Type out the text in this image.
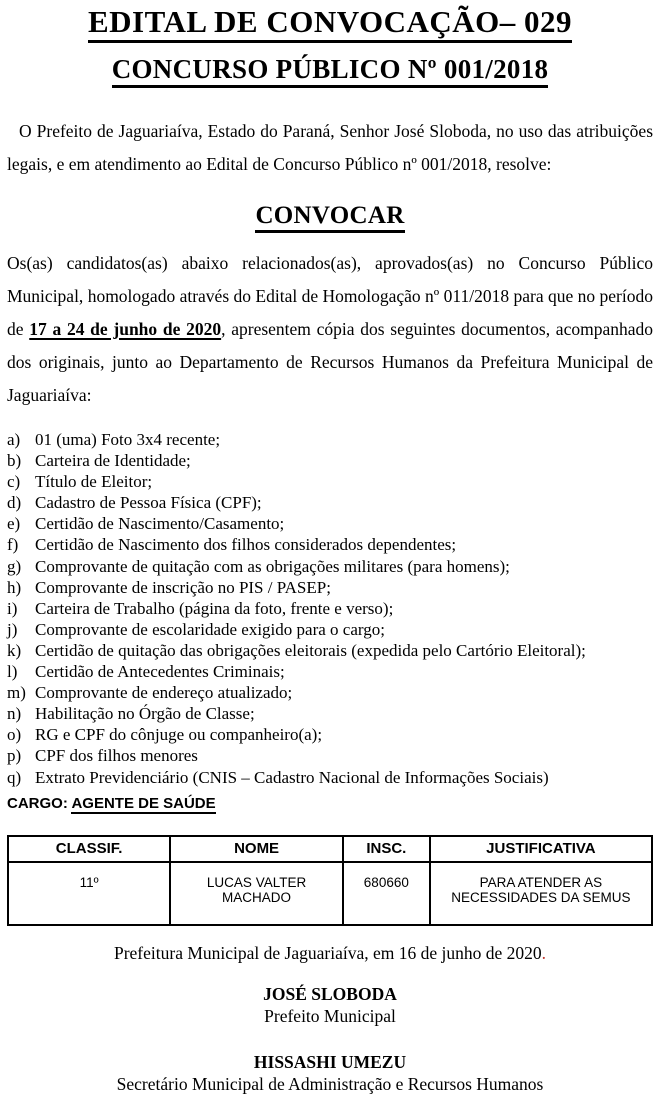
EDITAL DE CONVOCAÇÃO– 029
CONCURSO PÚBLICO Nº 001/2018

O Prefeito de Jaguariaíva, Estado do Paraná, Senhor José Sloboda, no uso das atribuições legais, e em atendimento ao Edital de Concurso Público nº 001/2018, resolve:

CONVOCAR

Os(as) candidatos(as) abaixo relacionados(as), aprovados(as) no Concurso Público Municipal, homologado através do Edital de Homologação nº 011/2018 para que no período de 17 a 24 de junho de 2020, apresentem cópia dos seguintes documentos, acompanhado dos originais, junto ao Departamento de Recursos Humanos da Prefeitura Municipal de Jaguariaíva:

a) 01 (uma) Foto 3x4 recente;
b) Carteira de Identidade;
c) Título de Eleitor;
d) Cadastro de Pessoa Física (CPF);
e) Certidão de Nascimento/Casamento;
f) Certidão de Nascimento dos filhos considerados dependentes;
g) Comprovante de quitação com as obrigações militares (para homens);
h) Comprovante de inscrição no PIS / PASEP;
i)	Carteira de Trabalho (página da foto, frente e verso);
j)	Comprovante de escolaridade exigido para o cargo;
k) Certidão de quitação das obrigações eleitorais (expedida pelo Cartório Eleitoral);
l)	Certidão de Antecedentes Criminais;
m) Comprovante de endereço atualizado;
n) Habilitação no Órgão de Classe;
o) RG e CPF do cônjuge ou companheiro(a);
p) CPF dos filhos menores
q) Extrato Previdenciário (CNIS – Cadastro Nacional de Informações Sociais)
CARGO: AGENTE DE SAÚDE
CLASSIF.	NOME	INSC.	JUSTIFICATIVA
11º	LUCAS VALTER MACHADO	680660	PARA ATENDER AS NECESSIDADES DA SEMUS
Prefeitura Municipal de Jaguariaíva, em 16 de junho de 2020.
JOSÉ SLOBODA
Prefeito Municipal
HISSASHI UMEZU
Secretário Municipal de Administração e Recursos Humanos
